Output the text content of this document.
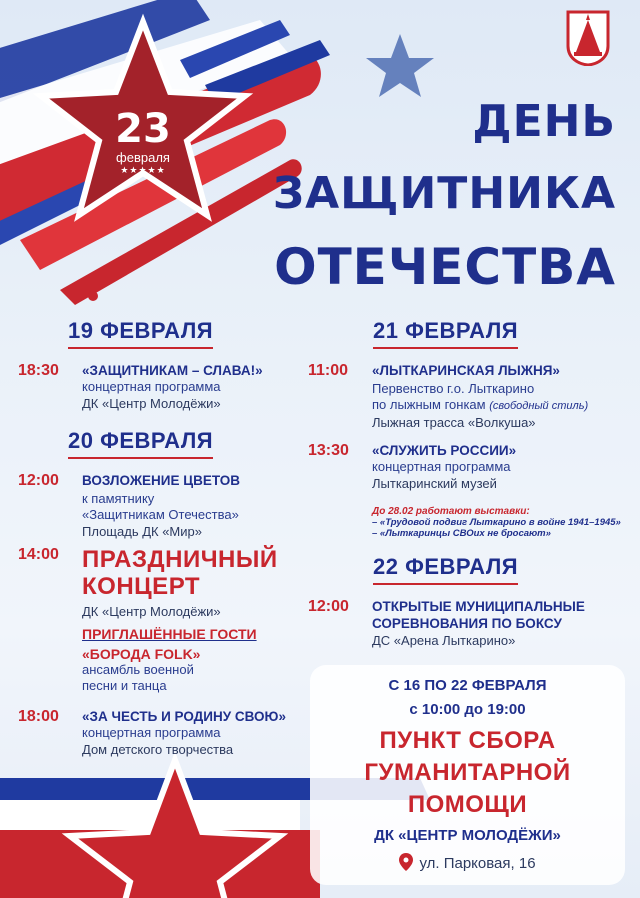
23
февраля
★★★★★
ДЕНЬ
ЗАЩИТНИКА
ОТЕЧЕСТВА
19 ФЕВРАЛЯ
18:30 «ЗАЩИТНИКАМ – СЛАВА!»
концертная программа
ДК «Центр Молодёжи»
20 ФЕВРАЛЯ
12:00 ВОЗЛОЖЕНИЕ ЦВЕТОВ
к памятнику
«Защитникам Отечества»
Площадь ДК «Мир»
14:00 ПРАЗДНИЧНЫЙ
КОНЦЕРТ
ДК «Центр Молодёжи»
ПРИГЛАШЁННЫЕ ГОСТИ
«БОРОДА FOLK»
ансамбль военной
песни и танца
18:00 «ЗА ЧЕСТЬ И РОДИНУ СВОЮ»
концертная программа
Дом детского творчества
21 ФЕВРАЛЯ
11:00 «ЛЫТКАРИНСКАЯ ЛЫЖНЯ»
Первенство г.о. Лыткарино
по лыжным гонкам (свободный стиль)
Лыжная трасса «Волкуша»
13:30 «СЛУЖИТЬ РОССИИ»
концертная программа
Лыткаринский музей
До 28.02 работают выставки:
– «Трудовой подвиг Лыткарино в войне 1941–1945»
– «Лыткаринцы СВОих не бросают»
22 ФЕВРАЛЯ
12:00 ОТКРЫТЫЕ МУНИЦИПАЛЬНЫЕ
СОРЕВНОВАНИЯ ПО БОКСУ
ДС «Арена Лыткарино»
С 16 ПО 22 ФЕВРАЛЯ
с 10:00 до 19:00
ПУНКТ СБОРА
ГУМАНИТАРНОЙ
ПОМОЩИ
ДК «ЦЕНТР МОЛОДЁЖИ»
ул. Парковая, 16
